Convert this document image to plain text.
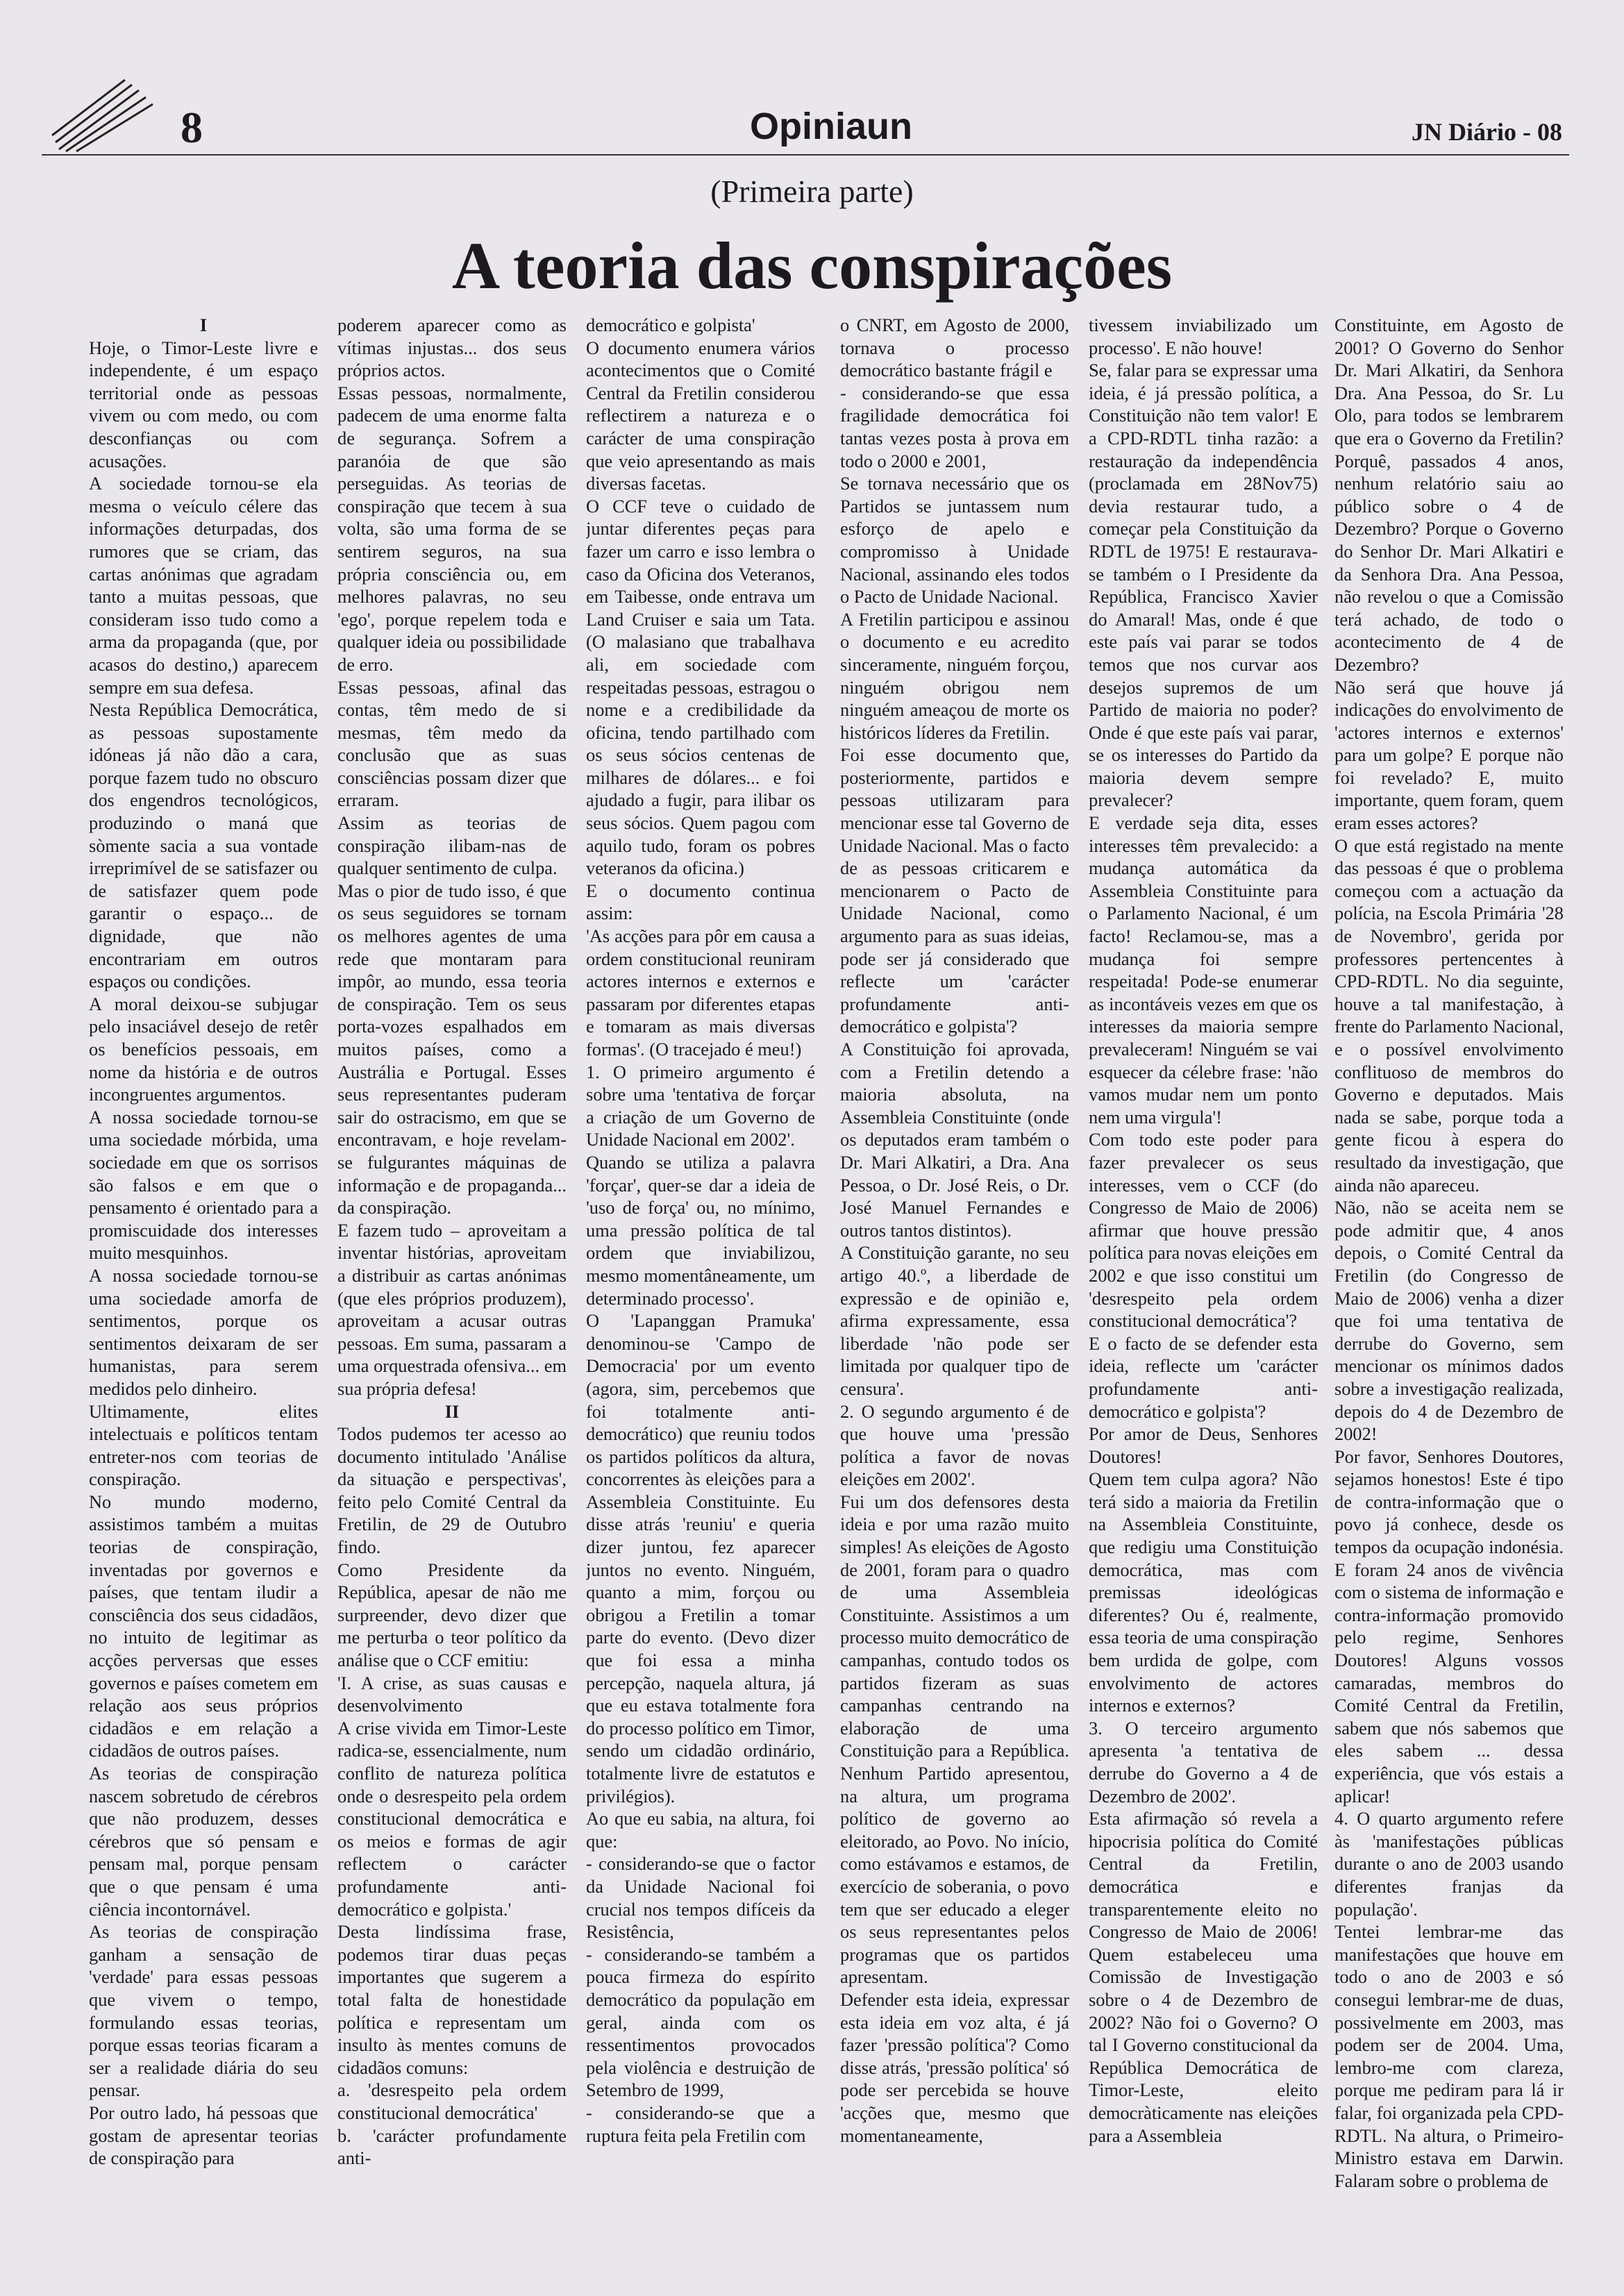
8	Opiniaun	JN Diário - 08
(Primeira parte)
A teoria das conspirações

I

Hoje, o Timor-Leste livre e independente, é um espaço territorial onde as pessoas vivem ou com medo, ou com desconfianças ou com acusações.

A sociedade tornou-se ela mesma o veículo célere das informações deturpadas, dos rumores que se criam, das cartas anónimas que agradam tanto a muitas pessoas, que consideram isso tudo como a arma da propaganda (que, por acasos do destino,) aparecem sempre em sua defesa.

Nesta República Democrática, as pessoas supostamente idóneas já não dão a cara, porque fazem tudo no obscuro dos engendros tecnológicos, produzindo o maná que sòmente sacia a sua vontade irreprimível de se satisfazer ou de satisfazer quem pode garantir o espaço... de dignidade, que não encontrariam em outros espaços ou condições.

A moral deixou-se subjugar pelo insaciável desejo de retêr os benefícios pessoais, em nome da história e de outros incongruentes argumentos.

A nossa sociedade tornou-se uma sociedade mórbida, uma sociedade em que os sorrisos são falsos e em que o pensamento é orientado para a promiscuidade dos interesses muito mesquinhos.

A nossa sociedade tornou-se uma sociedade amorfa de sentimentos, porque os sentimentos deixaram de ser humanistas, para serem medidos pelo dinheiro.

Ultimamente, elites intelectuais e políticos tentam entreter-nos com teorias de conspiração.

No mundo moderno, assistimos também a muitas teorias de conspiração, inventadas por governos e países, que tentam iludir a consciência dos seus cidadãos, no intuito de legitimar as acções perversas que esses governos e países cometem em relação aos seus próprios cidadãos e em relação a cidadãos de outros países.

As teorias de conspiração nascem sobretudo de cérebros que não produzem, desses cérebros que só pensam e pensam mal, porque pensam que o que pensam é uma ciência incontornável.

As teorias de conspiração ganham a sensação de 'verdade' para essas pessoas que vivem o tempo, formulando essas teorias, porque essas teorias ficaram a ser a realidade diária do seu pensar.

Por outro lado, há pessoas que gostam de apresentar teorias de conspiração para

poderem aparecer como as vítimas injustas... dos seus próprios actos.

Essas pessoas, normalmente, padecem de uma enorme falta de segurança. Sofrem a paranóia de que são perseguidas. As teorias de conspiração que tecem à sua volta, são uma forma de se sentirem seguros, na sua própria consciência ou, em melhores palavras, no seu 'ego', porque repelem toda e qualquer ideia ou possibilidade de erro.

Essas pessoas, afinal das contas, têm medo de si mesmas, têm medo da conclusão que as suas consciências possam dizer que erraram.

Assim as teorias de conspiração ilibam-nas de qualquer sentimento de culpa.

Mas o pior de tudo isso, é que os seus seguidores se tornam os melhores agentes de uma rede que montaram para impôr, ao mundo, essa teoria de conspiração. Tem os seus porta-vozes espalhados em muitos países, como a Austrália e Portugal. Esses seus representantes puderam sair do ostracismo, em que se encontravam, e hoje revelam-se fulgurantes máquinas de informação e de propaganda... da conspiração.

E fazem tudo – aproveitam a inventar histórias, aproveitam a distribuir as cartas anónimas (que eles próprios produzem), aproveitam a acusar outras pessoas. Em suma, passaram a uma orquestrada ofensiva... em sua própria defesa!

II

Todos pudemos ter acesso ao documento intitulado 'Análise da situação e perspectivas', feito pelo Comité Central da Fretilin, de 29 de Outubro findo.

Como Presidente da República, apesar de não me surpreender, devo dizer que me perturba o teor político da análise que o CCF emitiu:

'I. A crise, as suas causas e desenvolvimento

A crise vivida em Timor-Leste radica-se, essencialmente, num conflito de natureza política onde o desrespeito pela ordem constitucional democrática e os meios e formas de agir reflectem o carácter profundamente anti-democrático e golpista.'

Desta lindíssima frase, podemos tirar duas peças importantes que sugerem a total falta de honestidade política e representam um insulto às mentes comuns de cidadãos comuns:

a. 'desrespeito pela ordem constitucional democrática'

b. 'carácter profundamente anti-

democrático e golpista'

O documento enumera vários acontecimentos que o Comité Central da Fretilin considerou reflectirem a natureza e o carácter de uma conspiração que veio apresentando as mais diversas facetas.

O CCF teve o cuidado de juntar diferentes peças para fazer um carro e isso lembra o caso da Oficina dos Veteranos, em Taibesse, onde entrava um Land Cruiser e saia um Tata. (O malasiano que trabalhava ali, em sociedade com respeitadas pessoas, estragou o nome e a credibilidade da oficina, tendo partilhado com os seus sócios centenas de milhares de dólares... e foi ajudado a fugir, para ilibar os seus sócios. Quem pagou com aquilo tudo, foram os pobres veteranos da oficina.)

E o documento continua assim:

'As acções para pôr em causa a ordem constitucional reuniram actores internos e externos e passaram por diferentes etapas e tomaram as mais diversas formas'. (O tracejado é meu!)

1. O primeiro argumento é sobre uma 'tentativa de forçar a criação de um Governo de Unidade Nacional em 2002'.

Quando se utiliza a palavra 'forçar', quer-se dar a ideia de 'uso de força' ou, no mínimo, uma pressão política de tal ordem que inviabilizou, mesmo momentâneamente, um determinado processo'.

O 'Lapanggan Pramuka' denominou-se 'Campo de Democracia' por um evento (agora, sim, percebemos que foi totalmente anti-democrático) que reuniu todos os partidos políticos da altura, concorrentes às eleições para a Assembleia Constituinte. Eu disse atrás 'reuniu' e queria dizer juntou, fez aparecer juntos no evento. Ninguém, quanto a mim, forçou ou obrigou a Fretilin a tomar parte do evento. (Devo dizer que foi essa a minha percepção, naquela altura, já que eu estava totalmente fora do processo político em Timor, sendo um cidadão ordinário, totalmente livre de estatutos e privilégios).

Ao que eu sabia, na altura, foi que:

- considerando-se que o factor da Unidade Nacional foi crucial nos tempos difíceis da Resistência,

- considerando-se também a pouca firmeza do espírito democrático da população em geral, ainda com os ressentimentos provocados pela violência e destruição de Setembro de 1999,

- considerando-se que a ruptura feita pela Fretilin com

o CNRT, em Agosto de 2000, tornava o processo democrático bastante frágil e

- considerando-se que essa fragilidade democrática foi tantas vezes posta à prova em todo o 2000 e 2001,

Se tornava necessário que os Partidos se juntassem num esforço de apelo e compromisso à Unidade Nacional, assinando eles todos o Pacto de Unidade Nacional.

A Fretilin participou e assinou o documento e eu acredito sinceramente, ninguém forçou, ninguém obrigou nem ninguém ameaçou de morte os históricos líderes da Fretilin.

Foi esse documento que, posteriormente, partidos e pessoas utilizaram para mencionar esse tal Governo de Unidade Nacional. Mas o facto de as pessoas criticarem e mencionarem o Pacto de Unidade Nacional, como argumento para as suas ideias, pode ser já considerado que reflecte um 'carácter profundamente anti-democrático e golpista'?

A Constituição foi aprovada, com a Fretilin detendo a maioria absoluta, na Assembleia Constituinte (onde os deputados eram também o Dr. Mari Alkatiri, a Dra. Ana Pessoa, o Dr. José Reis, o Dr. José Manuel Fernandes e outros tantos distintos).

A Constituição garante, no seu artigo 40.º, a liberdade de expressão e de opinião e, afirma expressamente, essa liberdade 'não pode ser limitada por qualquer tipo de censura'.

2. O segundo argumento é de que houve uma 'pressão política a favor de novas eleições em 2002'.

Fui um dos defensores desta ideia e por uma razão muito simples! As eleições de Agosto de 2001, foram para o quadro de uma Assembleia Constituinte. Assistimos a um processo muito democrático de campanhas, contudo todos os partidos fizeram as suas campanhas centrando na elaboração de uma Constituição para a República. Nenhum Partido apresentou, na altura, um programa político de governo ao eleitorado, ao Povo. No início, como estávamos e estamos, de exercício de soberania, o povo tem que ser educado a eleger os seus representantes pelos programas que os partidos apresentam.

Defender esta ideia, expressar esta ideia em voz alta, é já fazer 'pressão política'? Como disse atrás, 'pressão política' só pode ser percebida se houve 'acções que, mesmo que momentaneamente,

tivessem inviabilizado um processo'. E não houve!

Se, falar para se expressar uma ideia, é já pressão política, a Constituição não tem valor! E a CPD-RDTL tinha razão: a restauração da independência (proclamada em 28Nov75) devia restaurar tudo, a começar pela Constituição da RDTL de 1975! E restaurava-se também o I Presidente da República, Francisco Xavier do Amaral! Mas, onde é que este país vai parar se todos temos que nos curvar aos desejos supremos de um Partido de maioria no poder? Onde é que este país vai parar, se os interesses do Partido da maioria devem sempre prevalecer?

E verdade seja dita, esses interesses têm prevalecido: a mudança automática da Assembleia Constituinte para o Parlamento Nacional, é um facto! Reclamou-se, mas a mudança foi sempre respeitada! Pode-se enumerar as incontáveis vezes em que os interesses da maioria sempre prevaleceram! Ninguém se vai esquecer da célebre frase: 'não vamos mudar nem um ponto nem uma virgula'!

Com todo este poder para fazer prevalecer os seus interesses, vem o CCF (do Congresso de Maio de 2006) afirmar que houve pressão política para novas eleições em 2002 e que isso constitui um 'desrespeito pela ordem constitucional democrática'?

E o facto de se defender esta ideia, reflecte um 'carácter profundamente anti-democrático e golpista'?

Por amor de Deus, Senhores Doutores!

Quem tem culpa agora? Não terá sido a maioria da Fretilin na Assembleia Constituinte, que redigiu uma Constituição democrática, mas com premissas ideológicas diferentes? Ou é, realmente, essa teoria de uma conspiração bem urdida de golpe, com envolvimento de actores internos e externos?

3. O terceiro argumento apresenta 'a tentativa de derrube do Governo a 4 de Dezembro de 2002'.

Esta afirmação só revela a hipocrisia política do Comité Central da Fretilin, democrática e transparentemente eleito no Congresso de Maio de 2006! Quem estabeleceu uma Comissão de Investigação sobre o 4 de Dezembro de 2002? Não foi o Governo? O tal I Governo constitucional da República Democrática de Timor-Leste, eleito democràticamente nas eleições para a Assembleia

Constituinte, em Agosto de 2001? O Governo do Senhor Dr. Mari Alkatiri, da Senhora Dra. Ana Pessoa, do Sr. Lu Olo, para todos se lembrarem que era o Governo da Fretilin? Porquê, passados 4 anos, nenhum relatório saiu ao público sobre o 4 de Dezembro? Porque o Governo do Senhor Dr. Mari Alkatiri e da Senhora Dra. Ana Pessoa, não revelou o que a Comissão terá achado, de todo o acontecimento de 4 de Dezembro?

Não será que houve já indicações do envolvimento de 'actores internos e externos' para um golpe? E porque não foi revelado? E, muito importante, quem foram, quem eram esses actores?

O que está registado na mente das pessoas é que o problema começou com a actuação da polícia, na Escola Primária '28 de Novembro', gerida por professores pertencentes à CPD-RDTL. No dia seguinte, houve a tal manifestação, à frente do Parlamento Nacional, e o possível envolvimento conflituoso de membros do Governo e deputados. Mais nada se sabe, porque toda a gente ficou à espera do resultado da investigação, que ainda não apareceu.

Não, não se aceita nem se pode admitir que, 4 anos depois, o Comité Central da Fretilin (do Congresso de Maio de 2006) venha a dizer que foi uma tentativa de derrube do Governo, sem mencionar os mínimos dados sobre a investigação realizada, depois do 4 de Dezembro de 2002!

Por favor, Senhores Doutores, sejamos honestos! Este é tipo de contra-informação que o povo já conhece, desde os tempos da ocupação indonésia. E foram 24 anos de vivência com o sistema de informação e contra-informação promovido pelo regime, Senhores Doutores! Alguns vossos camaradas, membros do Comité Central da Fretilin, sabem que nós sabemos que eles sabem ... dessa experiência, que vós estais a aplicar!

4. O quarto argumento refere às 'manifestações públicas durante o ano de 2003 usando diferentes franjas da população'.

Tentei lembrar-me das manifestações que houve em todo o ano de 2003 e só consegui lembrar-me de duas, possivelmente em 2003, mas podem ser de 2004. Uma, lembro-me com clareza, porque me pediram para lá ir falar, foi organizada pela CPD-RDTL. Na altura, o Primeiro-Ministro estava em Darwin. Falaram sobre o problema de
